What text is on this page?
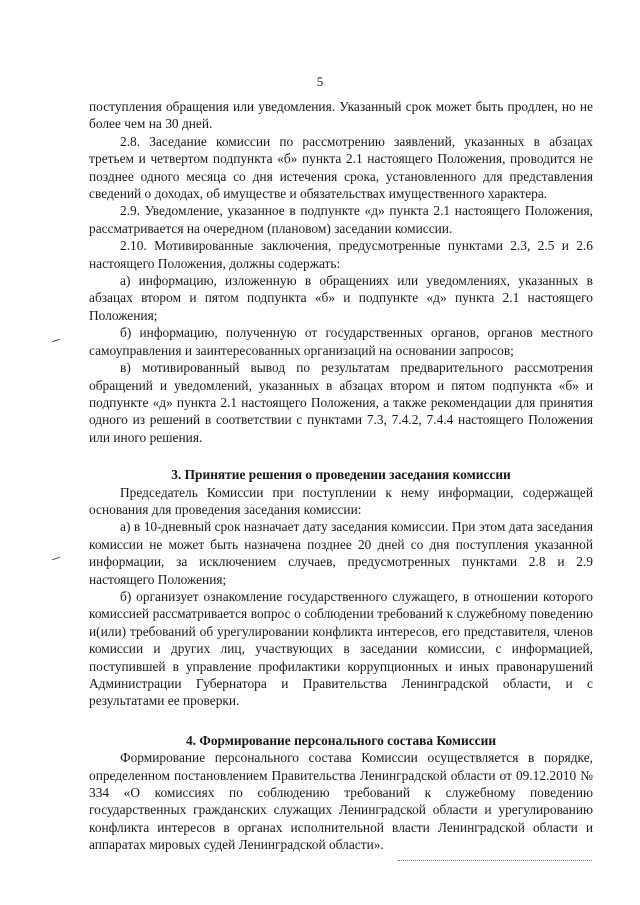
5

поступления обращения или уведомления. Указанный срок может быть продлен, но не более чем на 30 дней.

2.8. Заседание комиссии по рассмотрению заявлений, указанных в абзацах третьем и четвертом подпункта «б» пункта 2.1 настоящего Положения, проводится не позднее одного месяца со дня истечения срока, установленного для представления сведений о доходах, об имуществе и обязательствах имущественного характера.

2.9. Уведомление, указанное в подпункте «д» пункта 2.1 настоящего Положения, рассматривается на очередном (плановом) заседании комиссии.

2.10. Мотивированные заключения, предусмотренные пунктами 2.3, 2.5 и 2.6 настоящего Положения, должны содержать:

а) информацию, изложенную в обращениях или уведомлениях, указанных в абзацах втором и пятом подпункта «б» и подпункте «д» пункта 2.1 настоящего Положения;

б) информацию, полученную от государственных органов, органов местного самоуправления и заинтересованных организаций на основании запросов;

в) мотивированный вывод по результатам предварительного рассмотрения обращений и уведомлений, указанных в абзацах втором и пятом подпункта «б» и подпункте «д» пункта 2.1 настоящего Положения, а также рекомендации для принятия одного из решений в соответствии с пунктами 7.3, 7.4.2, 7.4.4 настоящего Положения или иного решения.

3. Принятие решения о проведении заседания комиссии

Председатель Комиссии при поступлении к нему информации, содержащей основания для проведения заседания комиссии:

а) в 10-дневный срок назначает дату заседания комиссии. При этом дата заседания комиссии не может быть назначена позднее 20 дней со дня поступления указанной информации, за исключением случаев, предусмотренных пунктами 2.8 и 2.9 настоящего Положения;

б) организует ознакомление государственного служащего, в отношении которого комиссией рассматривается вопрос о соблюдении требований к служебному поведению и(или) требований об урегулировании конфликта интересов, его представителя, членов комиссии и других лиц, участвующих в заседании комиссии, с информацией, поступившей в управление профилактики коррупционных и иных правонарушений Администрации Губернатора и Правительства Ленинградской области, и с результатами ее проверки.

4. Формирование персонального состава Комиссии

Формирование персонального состава Комиссии осуществляется в порядке, определенном постановлением Правительства Ленинградской области от 09.12.2010 № 334 «О комиссиях по соблюдению требований к служебному поведению государственных гражданских служащих Ленинградской области и урегулированию конфликта интересов в органах исполнительной власти Ленинградской области и аппаратах мировых судей Ленинградской области».
